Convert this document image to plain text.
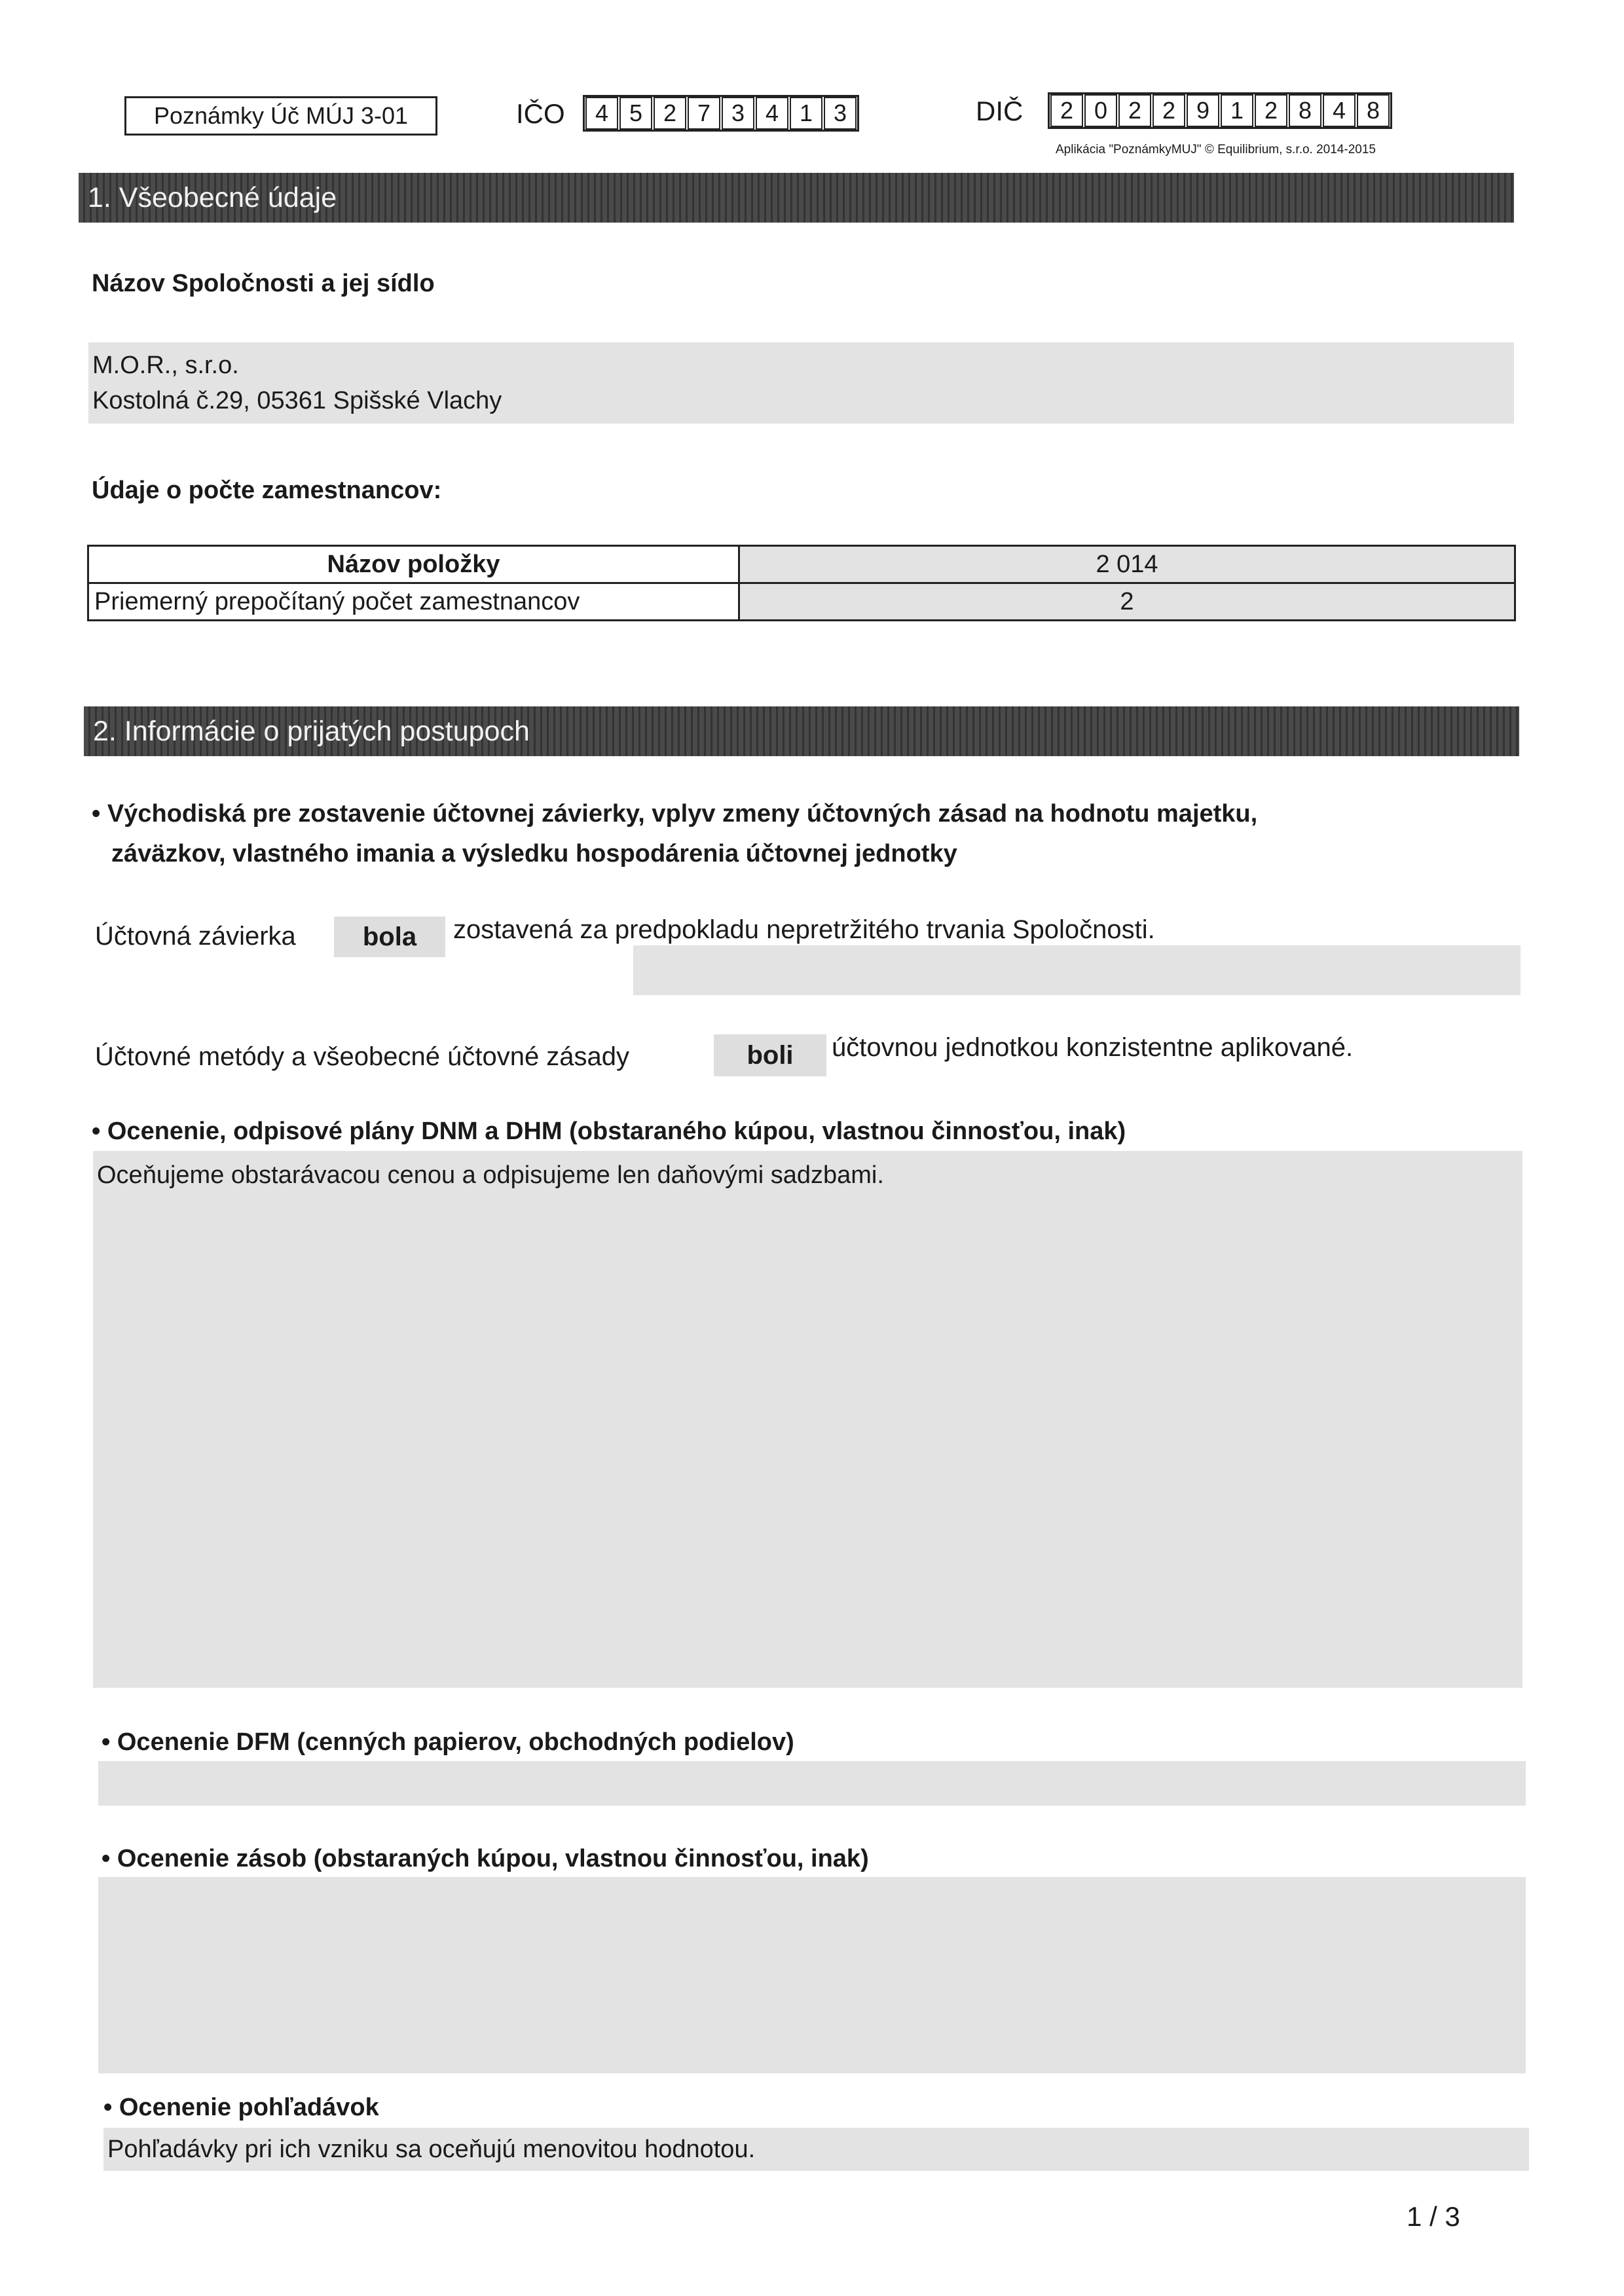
Poznámky Úč MÚJ 3-01	IČO	4 5 2 7 3 4 1 3	DIČ	2 0 2 2 9 1 2 8 4 8
Aplikácia "PoznámkyMUJ" © Equilibrium, s.r.o. 2014-2015
1. Všeobecné údaje
Názov Spoločnosti a jej sídlo
M.O.R., s.r.o.
Kostolná č.29, 05361 Spišské Vlachy
Údaje o počte zamestnancov:
Názov položky	2 014
Priemerný prepočítaný počet zamestnancov	2
2. Informácie o prijatých postupoch
• Východiská pre zostavenie účtovnej závierky, vplyv zmeny účtovných zásad na hodnotu majetku,
záväzkov, vlastného imania a výsledku hospodárenia účtovnej jednotky
Účtovná závierka	bola	zostavená za predpokladu nepretržitého trvania Spoločnosti.
Účtovné metódy a všeobecné účtovné zásady	boli	účtovnou jednotkou konzistentne aplikované.
• Ocenenie, odpisové plány DNM a DHM (obstaraného kúpou, vlastnou činnosťou, inak)
Oceňujeme obstarávacou cenou a odpisujeme len daňovými sadzbami.
• Ocenenie DFM (cenných papierov, obchodných podielov)
• Ocenenie zásob (obstaraných kúpou, vlastnou činnosťou, inak)
• Ocenenie pohľadávok
Pohľadávky pri ich vzniku sa oceňujú menovitou hodnotou.
1 / 3
